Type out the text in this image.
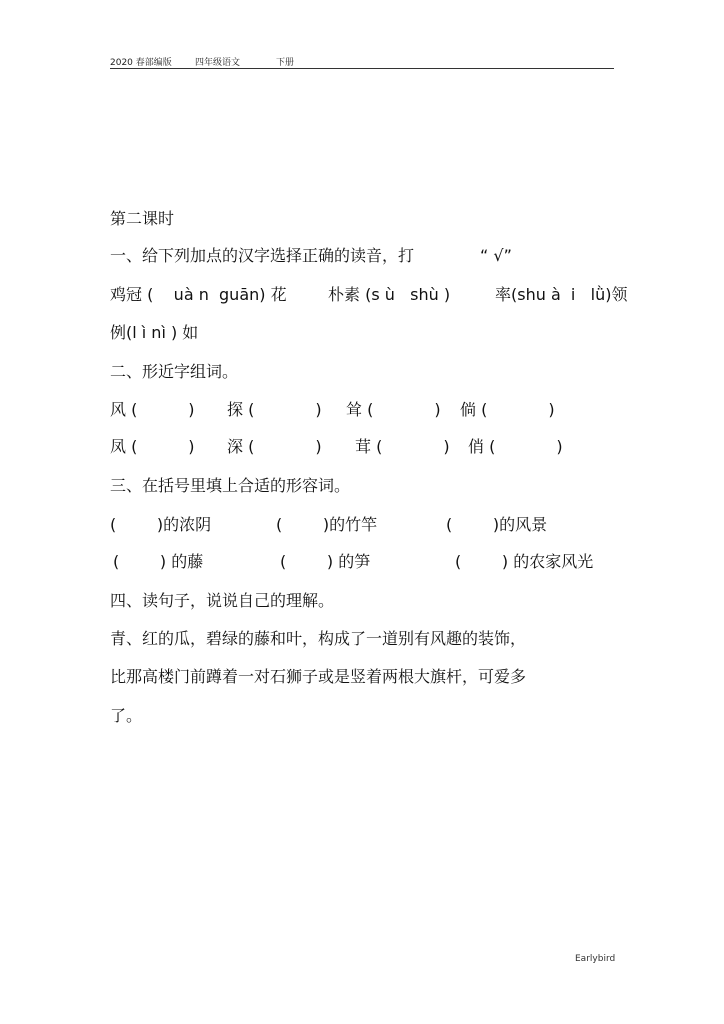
2020 春部编版

	四年级语文

	下册

第二课时
一、给下列加点的汉字选择正确的读音，打	“ √”
鸡冠 (    uà n  guān) 花	朴素 (s ù   shù )	率(shu à  i   lǜ)领
例(l ì nì ) 如
二、形近字组词。
风 (          ) 探 (            ) 耸 (            ) 倘 (            )
凤 (          ) 深 (            ) 茸 (            ) 俏 (            )
三、在括号里填上合适的形容词。
(        )的浓阴	(        )的竹竿	(        )的风景
(        ) 的藤	(        ) 的笋	(        ) 的农家风光
四、读句子，说说自己的理解。
青、红的瓜，碧绿的藤和叶，构成了一道别有风趣的装饰，
比那高楼门前蹲着一对石狮子或是竖着两根大旗杆，可爱多
了。
Earlybird
